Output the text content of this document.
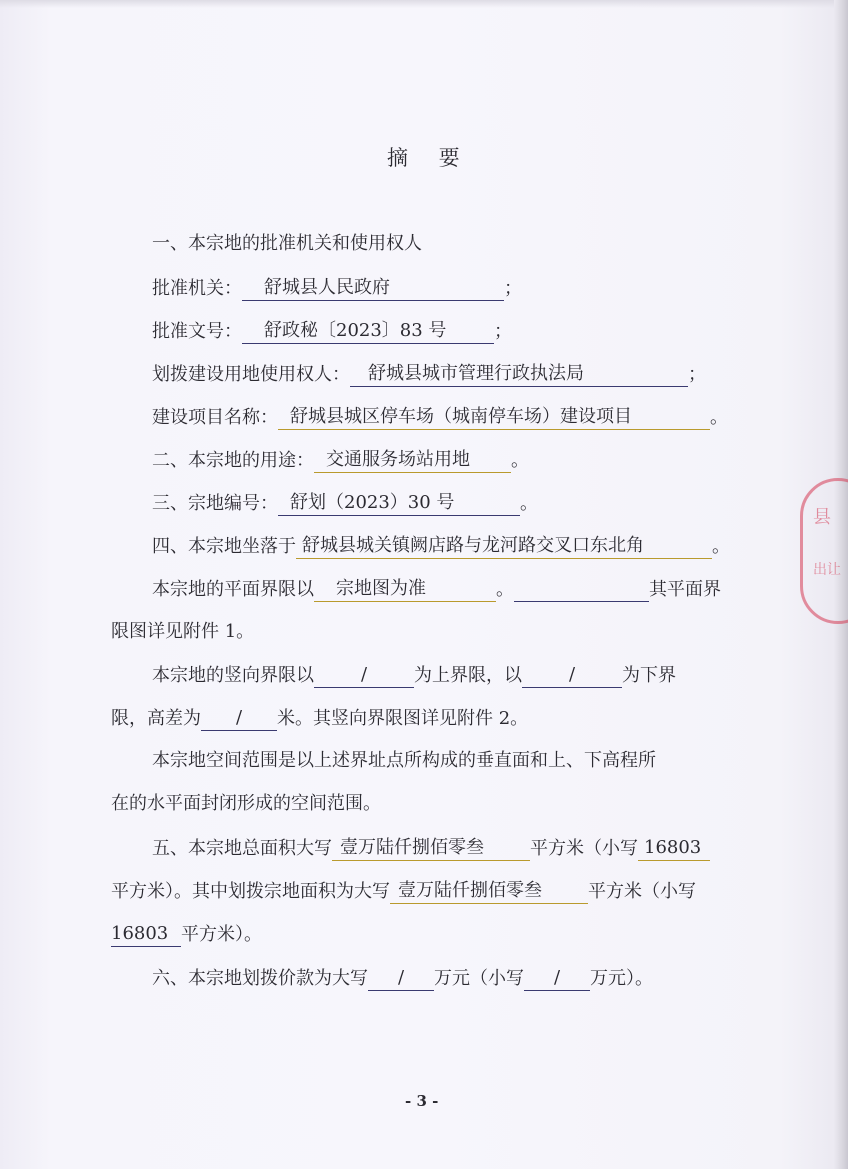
县
出让
摘 要
一、本宗地的批准机关和使用权人
批准机关： 舒城县人民政府	；
批准文号： 舒政秘〔2023〕83 号	；
划拨建设用地使用权人： 舒城县城市管理行政执法局	；
建设项目名称： 舒城县城区停车场（城南停车场）建设项目	。
二、本宗地的用途： 交通服务场站用地 。
三、宗地编号： 舒划（2023）30 号	。
四、本宗地坐落于 舒城县城关镇阙店路与龙河路交叉口东北角	。
本宗地的平面界限以 宗地图为准	。	其平面界
限图详见附件 1。
本宗地的竖向界限以	/	为上界限，以	/	为下界
限，高差为 / 米。其竖向界限图详见附件 2。
本宗地空间范围是以上述界址点所构成的垂直面和上、下高程所
在的水平面封闭形成的空间范围。
五、本宗地总面积大写 壹万陆仟捌佰零叁	平方米（小写 16803
平方米）。其中划拨宗地面积为大写 壹万陆仟捌佰零叁	平方米（小写
16803 平方米）。
六、本宗地划拨价款为大写 / 万元（小写 / 万元）。
- 3 -
